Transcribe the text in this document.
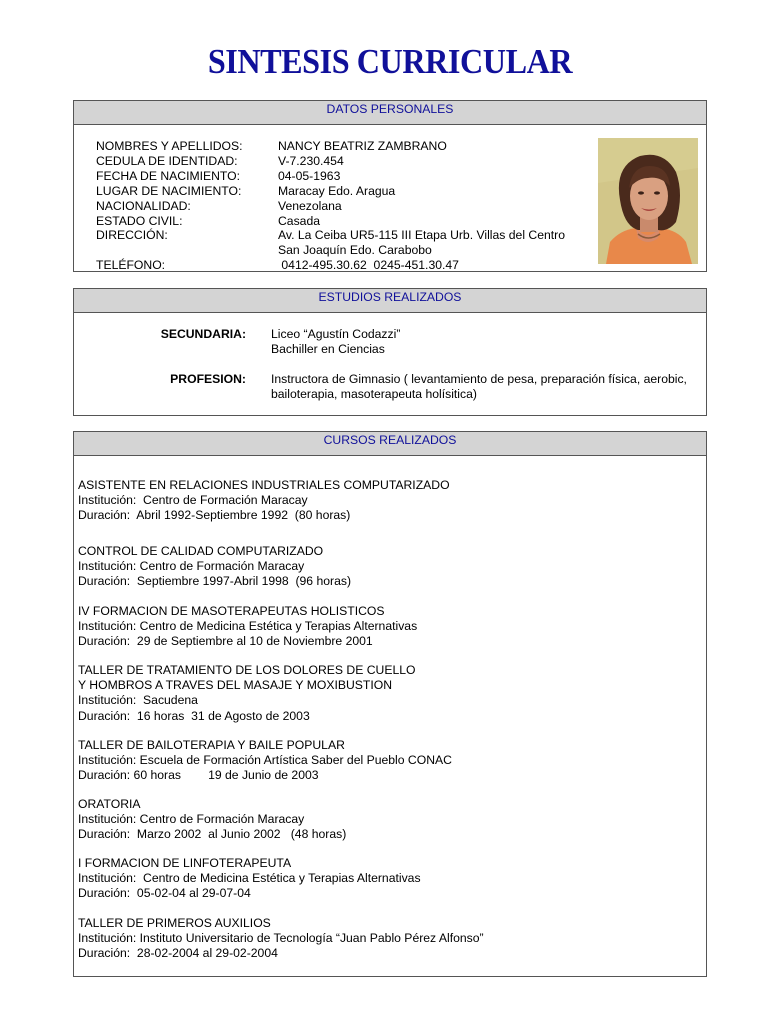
SINTESIS CURRICULAR
DATOS PERSONALES
NOMBRES Y APELLIDOS:
CEDULA DE IDENTIDAD:
FECHA DE NACIMIENTO:
LUGAR DE NACIMIENTO:
NACIONALIDAD:
ESTADO CIVIL:
DIRECCIÓN:
TELÉFONO:
NANCY BEATRIZ ZAMBRANO
V-7.230.454
04-05-1963
Maracay Edo. Aragua
Venezolana
Casada
Av. La Ceiba UR5-115 III Etapa Urb. Villas del Centro
San Joaquín Edo. Carabobo
0412-495.30.62  0245-451.30.47
ESTUDIOS REALIZADOS
SECUNDARIA: Liceo “Agustín Codazzi”
Bachiller en Ciencias
PROFESION: Instructora de Gimnasio ( levantamiento de pesa, preparación física, aerobic,
bailoterapia, masoterapeuta holísitica)
CURSOS REALIZADOS
ASISTENTE EN RELACIONES INDUSTRIALES COMPUTARIZADO
Institución:  Centro de Formación Maracay
Duración:  Abril 1992-Septiembre 1992  (80 horas)
CONTROL DE CALIDAD COMPUTARIZADO
Institución: Centro de Formación Maracay
Duración:  Septiembre 1997-Abril 1998  (96 horas)
IV FORMACION DE MASOTERAPEUTAS HOLISTICOS
Institución: Centro de Medicina Estética y Terapias Alternativas
Duración:  29 de Septiembre al 10 de Noviembre 2001
TALLER DE TRATAMIENTO DE LOS DOLORES DE CUELLO
Y HOMBROS A TRAVES DEL MASAJE Y MOXIBUSTION
Institución:  Sacudena
Duración:  16 horas  31 de Agosto de 2003
TALLER DE BAILOTERAPIA Y BAILE POPULAR
Institución: Escuela de Formación Artística Saber del Pueblo CONAC
Duración: 60 horas        19 de Junio de 2003
ORATORIA
Institución: Centro de Formación Maracay
Duración:  Marzo 2002  al Junio 2002   (48 horas)
I FORMACION DE LINFOTERAPEUTA
Institución:  Centro de Medicina Estética y Terapias Alternativas
Duración:  05-02-04 al 29-07-04
TALLER DE PRIMEROS AUXILIOS
Institución: Instituto Universitario de Tecnología “Juan Pablo Pérez Alfonso”
Duración:  28-02-2004 al 29-02-2004
